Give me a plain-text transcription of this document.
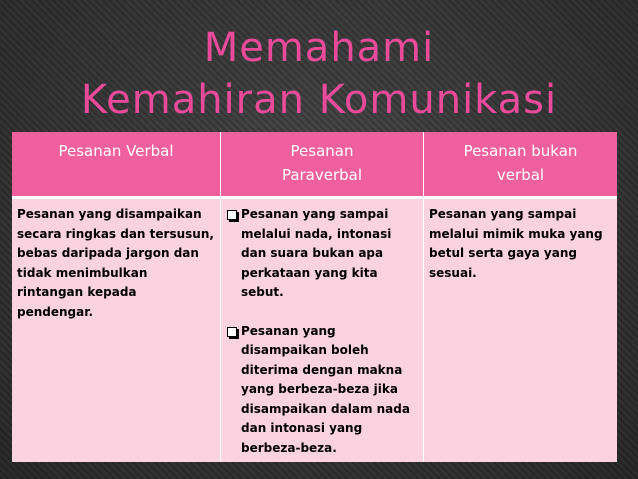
Memahami
Kemahiran Komunikasi
Pesanan Verbal	Pesanan
Paraverbal
Pesanan bukan
verbal
Pesanan yang disampaikan secara ringkas dan tersusun, bebas daripada jargon dan tidak menimbulkan rintangan kepada pendengar.
Pesanan yang sampai melalui nada, intonasi dan suara bukan apa perkataan yang kita sebut.
Pesanan yang disampaikan boleh diterima dengan makna yang berbeza-beza jika disampaikan dalam nada dan intonasi yang berbeza-beza.
Pesanan yang sampai melalui mimik muka yang betul serta gaya yang sesuai.
